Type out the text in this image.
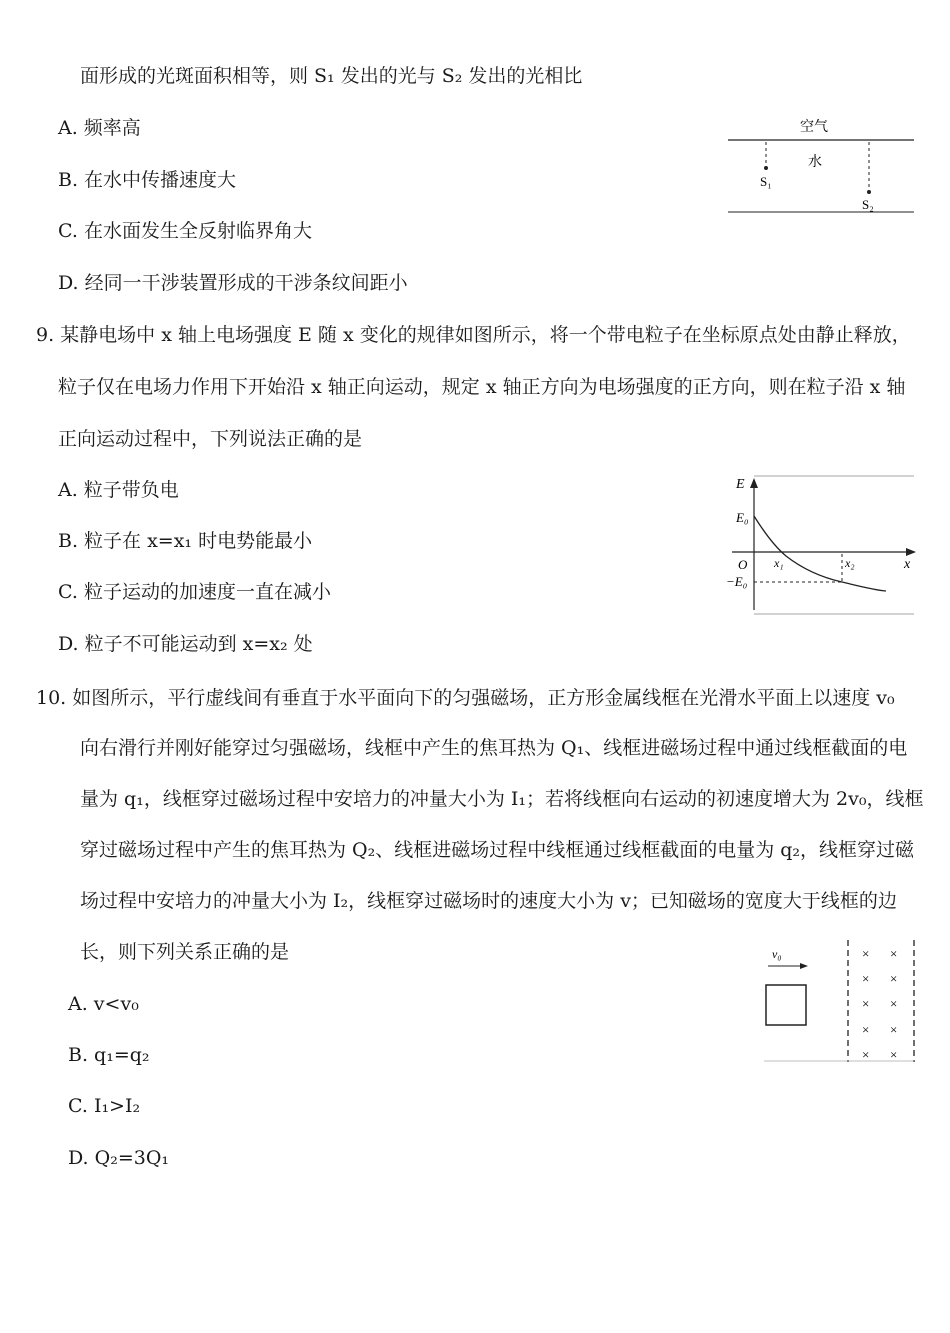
面形成的光斑面积相等，则 S₁ 发出的光与 S₂ 发出的光相比
A. 频率高
B. 在水中传播速度大
C. 在水面发生全反射临界角大
D. 经同一干涉装置形成的干涉条纹间距小
空气
水
S₁
S₂
9. 某静电场中 x 轴上电场强度 E 随 x 变化的规律如图所示，将一个带电粒子在坐标原点处由静止释放，
粒子仅在电场力作用下开始沿 x 轴正向运动，规定 x 轴正方向为电场强度的正方向，则在粒子沿 x 轴
正向运动过程中，下列说法正确的是
A. 粒子带负电
B. 粒子在 x=x₁ 时电势能最小
C. 粒子运动的加速度一直在减小
D. 粒子不可能运动到 x=x₂ 处
E
x
O
E₀
−E₀
x₁	x₂
10. 如图所示，平行虚线间有垂直于水平面向下的匀强磁场，正方形金属线框在光滑水平面上以速度 v₀
向右滑行并刚好能穿过匀强磁场，线框中产生的焦耳热为 Q₁、线框进磁场过程中通过线框截面的电
量为 q₁，线框穿过磁场过程中安培力的冲量大小为 I₁；若将线框向右运动的初速度增大为 2v₀，线框
穿过磁场过程中产生的焦耳热为 Q₂、线框进磁场过程中线框通过线框截面的电量为 q₂，线框穿过磁
场过程中安培力的冲量大小为 I₂，线框穿过磁场时的速度大小为 v；已知磁场的宽度大于线框的边
长，则下列关系正确的是
A. v<v₀
B. q₁=q₂
C. I₁>I₂
D. Q₂=3Q₁
v₀	× ×
× ×
× ×
× ×
× ×
